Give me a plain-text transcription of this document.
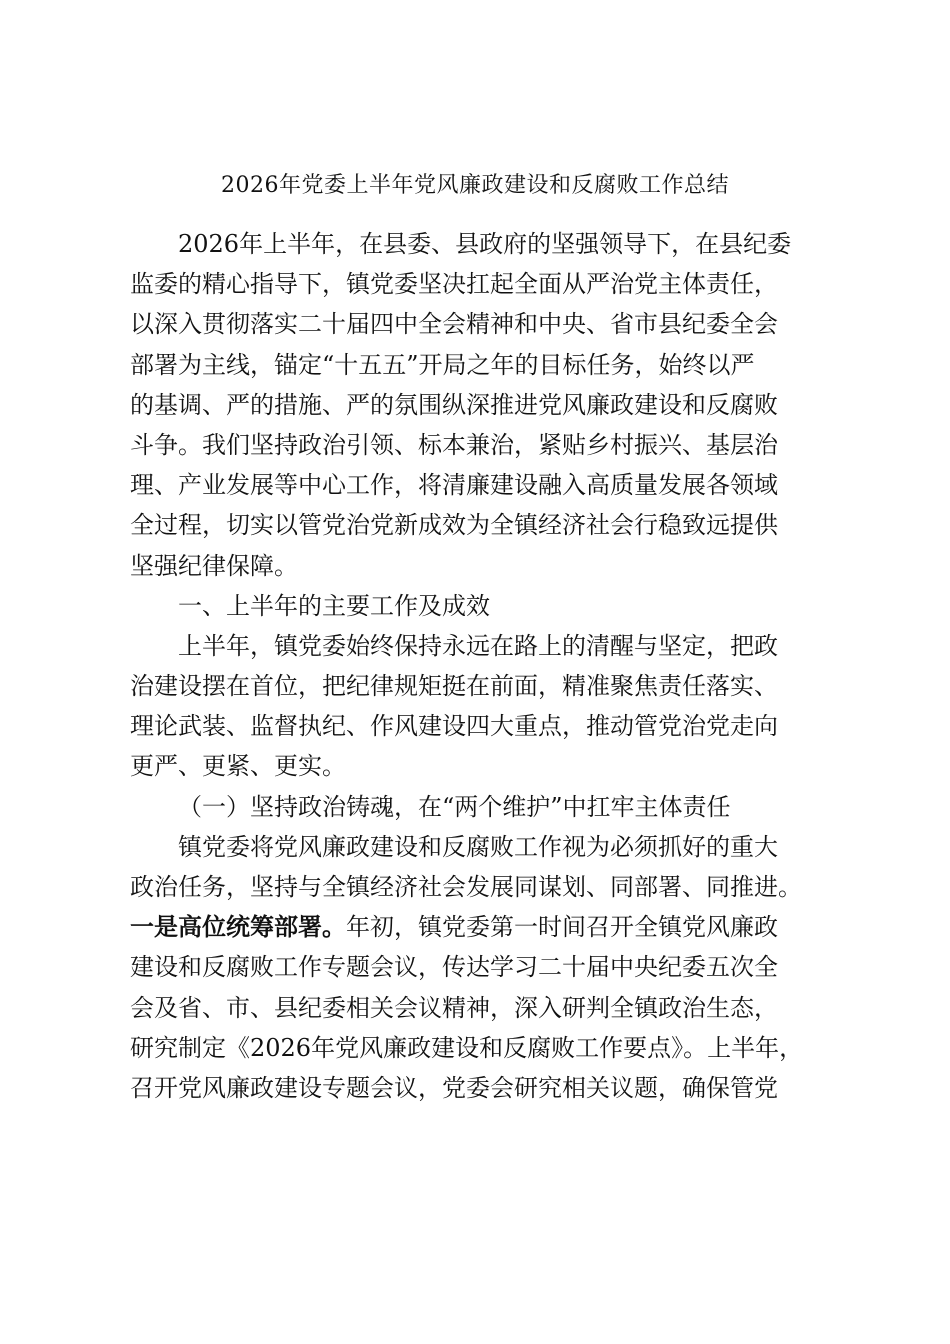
2026年党委上半年党风廉政建设和反腐败工作总结

2026年上半年，在县委、县政府的坚强领导下，在县纪委
监委的精心指导下，镇党委坚决扛起全面从严治党主体责任，
以深入贯彻落实二十届四中全会精神和中央、省市县纪委全会
部署为主线，锚定“十五五”开局之年的目标任务，始终以严
的基调、严的措施、严的氛围纵深推进党风廉政建设和反腐败
斗争。我们坚持政治引领、标本兼治，紧贴乡村振兴、基层治
理、产业发展等中心工作，将清廉建设融入高质量发展各领域
全过程，切实以管党治党新成效为全镇经济社会行稳致远提供
坚强纪律保障。

一、上半年的主要工作及成效

上半年，镇党委始终保持永远在路上的清醒与坚定，把政
治建设摆在首位，把纪律规矩挺在前面，精准聚焦责任落实、
理论武装、监督执纪、作风建设四大重点，推动管党治党走向
更严、更紧、更实。

（一）坚持政治铸魂，在“两个维护”中扛牢主体责任

镇党委将党风廉政建设和反腐败工作视为必须抓好的重大
政治任务，坚持与全镇经济社会发展同谋划、同部署、同推进。
一是高位统筹部署。年初，镇党委第一时间召开全镇党风廉政
建设和反腐败工作专题会议，传达学习二十届中央纪委五次全
会及省、市、县纪委相关会议精神，深入研判全镇政治生态，
研究制定《2026年党风廉政建设和反腐败工作要点》。上半年，
召开党风廉政建设专题会议，党委会研究相关议题，确保管党
